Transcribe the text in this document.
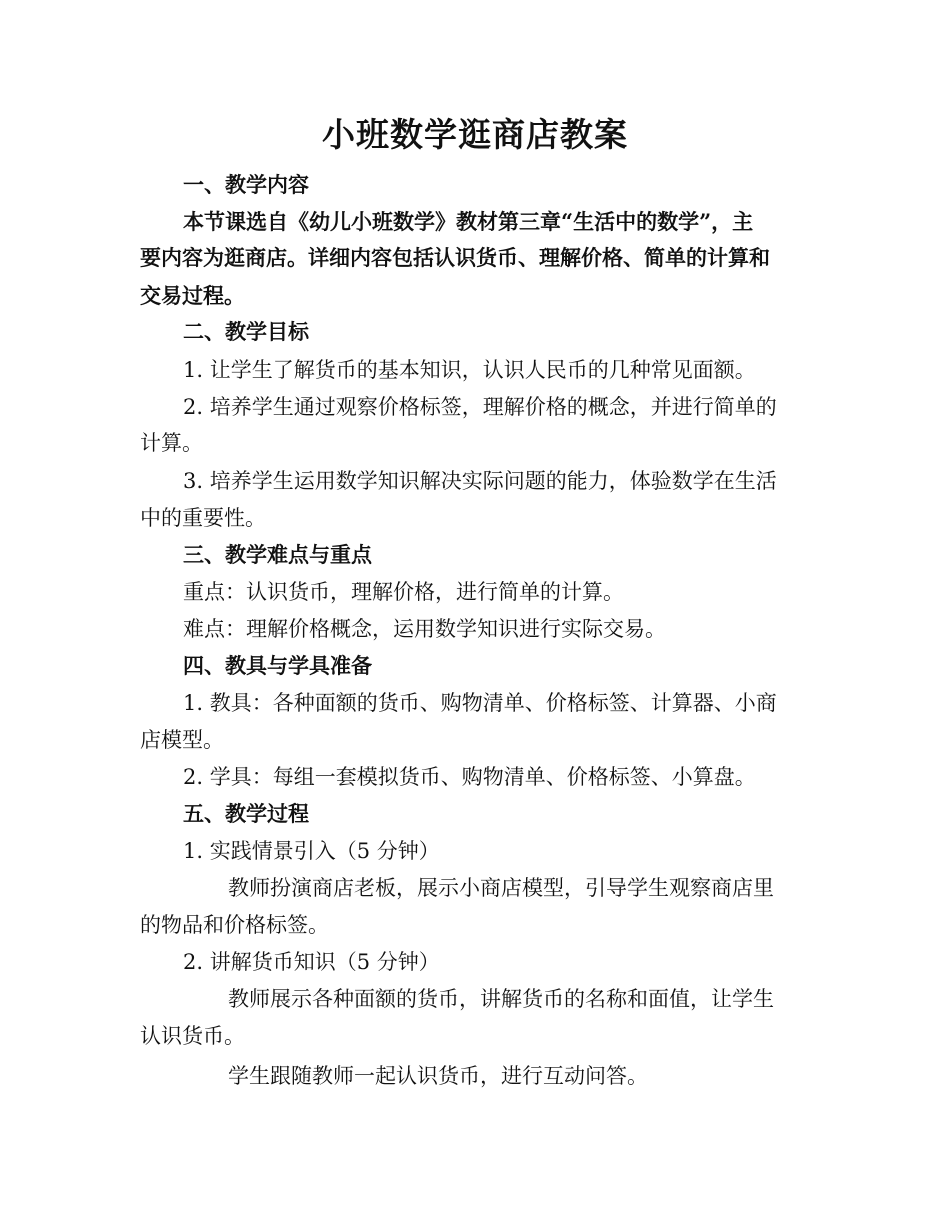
小班数学逛商店教案

一、教学内容

本节课选自《幼儿小班数学》教材第三章“生活中的数学”，主

要内容为逛商店。详细内容包括认识货币、理解价格、简单的计算和

交易过程。

二、教学目标

1. 让学生了解货币的基本知识，认识人民币的几种常见面额。

2. 培养学生通过观察价格标签，理解价格的概念，并进行简单的

计算。

3. 培养学生运用数学知识解决实际问题的能力，体验数学在生活

中的重要性。

三、教学难点与重点

重点：认识货币，理解价格，进行简单的计算。

难点：理解价格概念，运用数学知识进行实际交易。

四、教具与学具准备

1. 教具：各种面额的货币、购物清单、价格标签、计算器、小商

店模型。

2. 学具：每组一套模拟货币、购物清单、价格标签、小算盘。

五、教学过程

1. 实践情景引入（5 分钟）

教师扮演商店老板，展示小商店模型，引导学生观察商店里

的物品和价格标签。

2. 讲解货币知识（5 分钟）

教师展示各种面额的货币，讲解货币的名称和面值，让学生

认识货币。

学生跟随教师一起认识货币，进行互动问答。
